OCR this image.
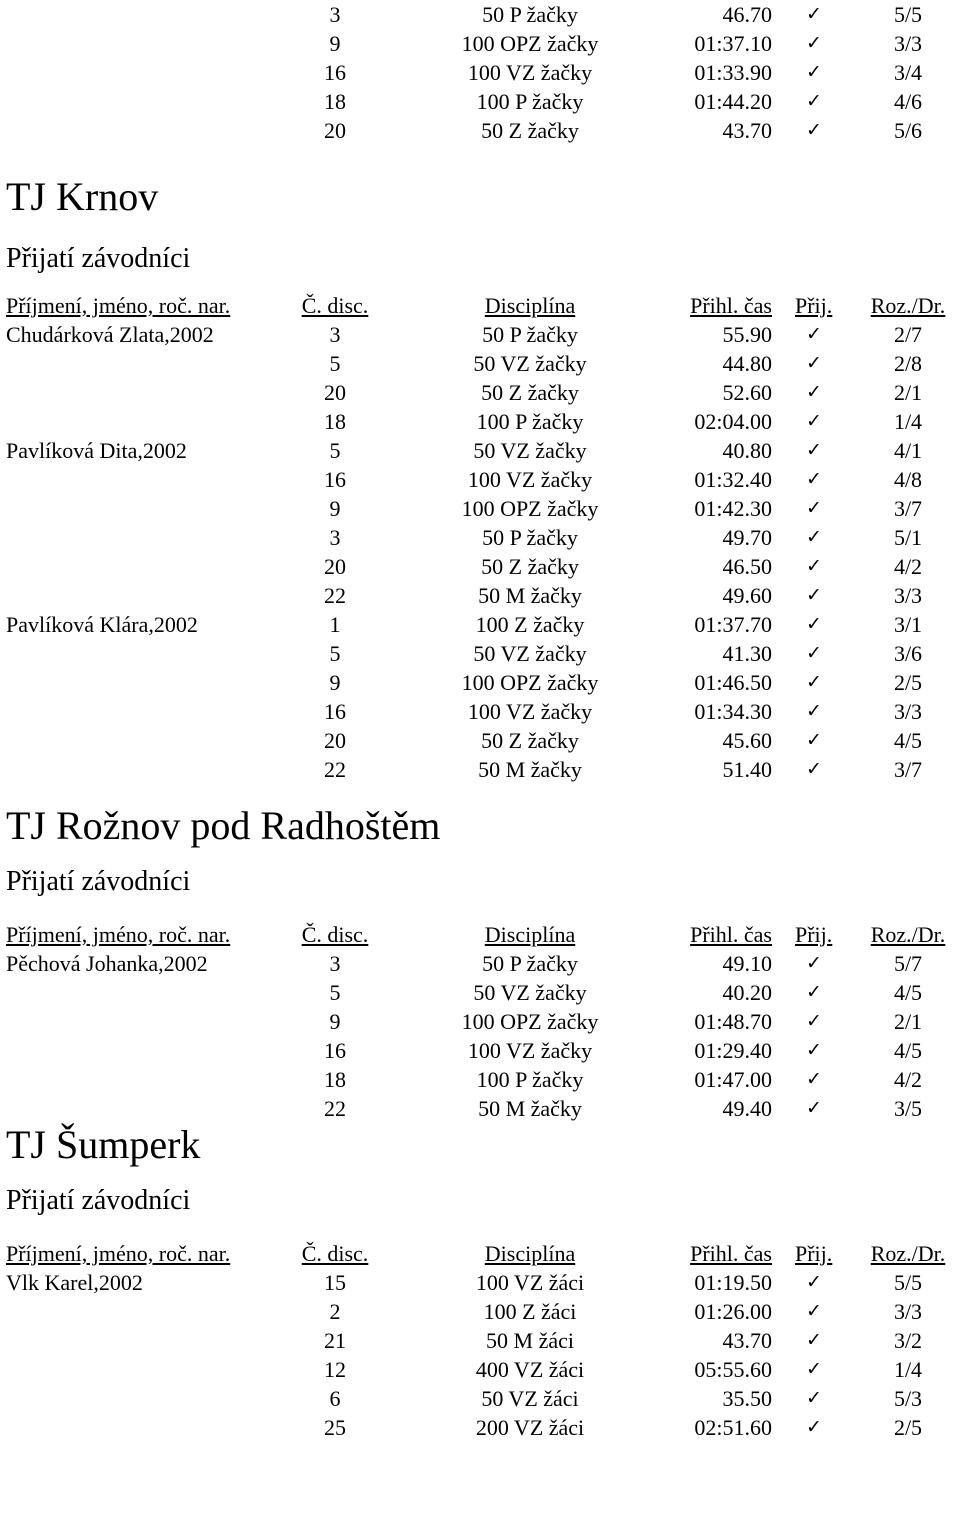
3	50 P žačky	46.70 ✓	5/5
9	100 OPZ žačky	01:37.10 ✓	3/3
16	100 VZ žačky	01:33.90 ✓	3/4
18	100 P žačky	01:44.20 ✓	4/6
20	50 Z žačky	43.70 ✓	5/6
TJ Krnov
Přijatí závodníci
Příjmení, jméno, roč. nar.	Č. disc.	Disciplína	Přihl. čas Přij.	Roz./Dr.
Chudárková Zlata,2002	3	50 P žačky	55.90 ✓	2/7
5	50 VZ žačky	44.80 ✓	2/8
20	50 Z žačky	52.60 ✓	2/1
18	100 P žačky	02:04.00 ✓	1/4
Pavlíková Dita,2002	5	50 VZ žačky	40.80 ✓	4/1
16	100 VZ žačky	01:32.40 ✓	4/8
9	100 OPZ žačky	01:42.30 ✓	3/7
3	50 P žačky	49.70 ✓	5/1
20	50 Z žačky	46.50 ✓	4/2
22	50 M žačky	49.60 ✓	3/3
Pavlíková Klára,2002	1	100 Z žačky	01:37.70 ✓	3/1
5	50 VZ žačky	41.30 ✓	3/6
9	100 OPZ žačky	01:46.50 ✓	2/5
16	100 VZ žačky	01:34.30 ✓	3/3
20	50 Z žačky	45.60 ✓	4/5
22	50 M žačky	51.40 ✓	3/7
TJ Rožnov pod Radhoštěm
Přijatí závodníci
Příjmení, jméno, roč. nar.	Č. disc.	Disciplína	Přihl. čas Přij.	Roz./Dr.
Pěchová Johanka,2002	3	50 P žačky	49.10 ✓	5/7
5	50 VZ žačky	40.20 ✓	4/5
9	100 OPZ žačky	01:48.70 ✓	2/1
16	100 VZ žačky	01:29.40 ✓	4/5
18	100 P žačky	01:47.00 ✓	4/2
22	50 M žačky	49.40 ✓	3/5
TJ Šumperk
Přijatí závodníci
Příjmení, jméno, roč. nar.	Č. disc.	Disciplína	Přihl. čas Přij.	Roz./Dr.
Vlk Karel,2002	15	100 VZ žáci	01:19.50 ✓	5/5
2	100 Z žáci	01:26.00 ✓	3/3
21	50 M žáci	43.70 ✓	3/2
12	400 VZ žáci	05:55.60 ✓	1/4
6	50 VZ žáci	35.50 ✓	5/3
25	200 VZ žáci	02:51.60 ✓	2/5
